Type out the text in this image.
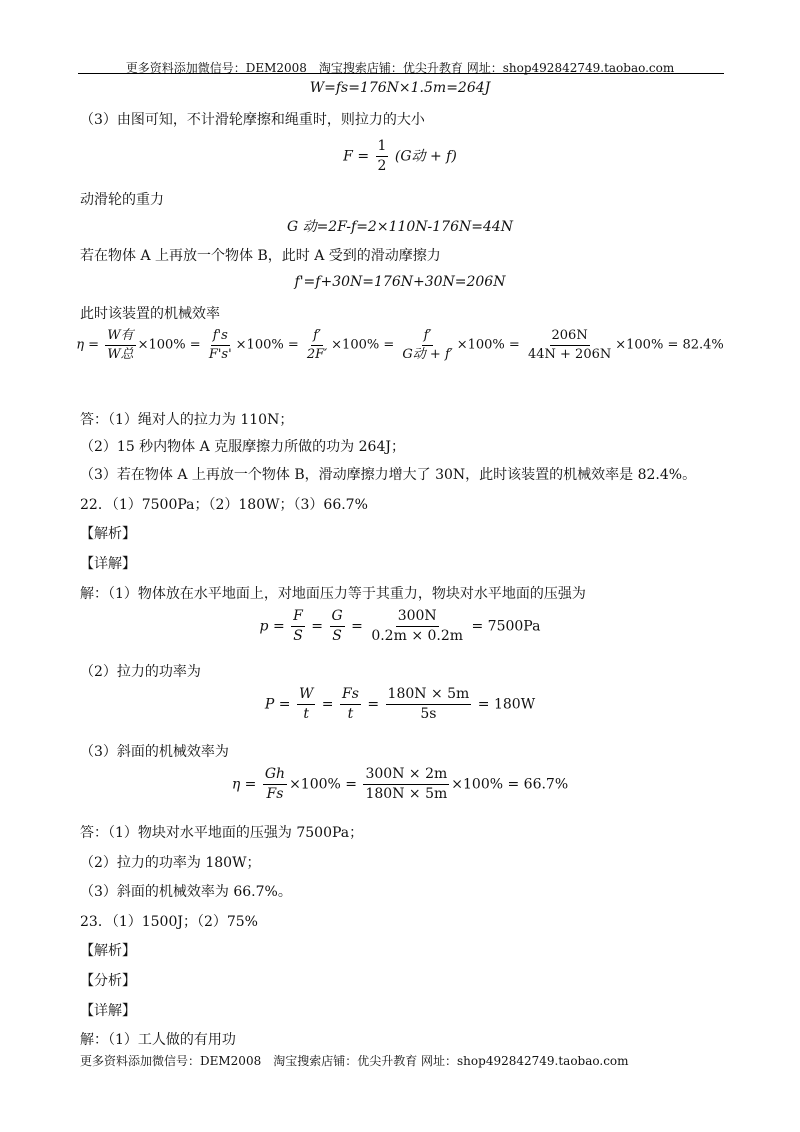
更多资料添加微信号：DEM2008　淘宝搜索店铺：优尖升教育 网址：shop492842749.taobao.com
W=fs=176N×1.5m=264J
（3）由图可知，不计滑轮摩擦和绳重时，则拉力的大小
$F = \frac{1}{2} (G$动 + f)
动滑轮的重力
G 动=2F-f=2×110N-176N=44N
若在物体 A 上再放一个物体 B，此时 A 受到的滑动摩擦力
f'=f+30N=176N+30N=206N
此时该装置的机械效率
$\eta = \frac{\text{W有}}{\text{W总}} \times 100\% = \frac{f's}{F's'} \times 100\% = \frac{f'}{2F'} \times 100\% = \frac{f'}{\text{G动 + f′}} \times 100\% = \frac{206N}{44N + 206N} \times 100\% = 82.4\%$
答：（1）绳对人的拉力为 110N；
（2）15 秒内物体 A 克服摩擦力所做的功为 264J；
（3）若在物体 A 上再放一个物体 B，滑动摩擦力增大了 30N，此时该装置的机械效率是 82.4%。
22．（1）7500Pa；（2）180W；（3）66.7%
【解析】
【详解】
解：（1）物体放在水平地面上，对地面压力等于其重力，物块对水平地面的压强为
$p = \frac{F}{S} = \frac{G}{S} = \frac{300N}{0.2m \times 0.2m} = 7500Pa$
（2）拉力的功率为
$P = \frac{W}{t} = \frac{Fs}{t} = \frac{180N \times 5m}{5s} = 180W$
（3）斜面的机械效率为
$\eta = \frac{Gh}{Fs} \times 100\% = \frac{300N \times 2m}{180N \times 5m} \times 100\% = 66.7\%$
答：（1）物块对水平地面的压强为 7500Pa；
（2）拉力的功率为 180W；
（3）斜面的机械效率为 66.7%。
23．（1）1500J；（2）75%
【解析】
【分析】
【详解】
解：（1）工人做的有用功
更多资料添加微信号：DEM2008　淘宝搜索店铺：优尖升教育 网址：shop492842749.taobao.com
